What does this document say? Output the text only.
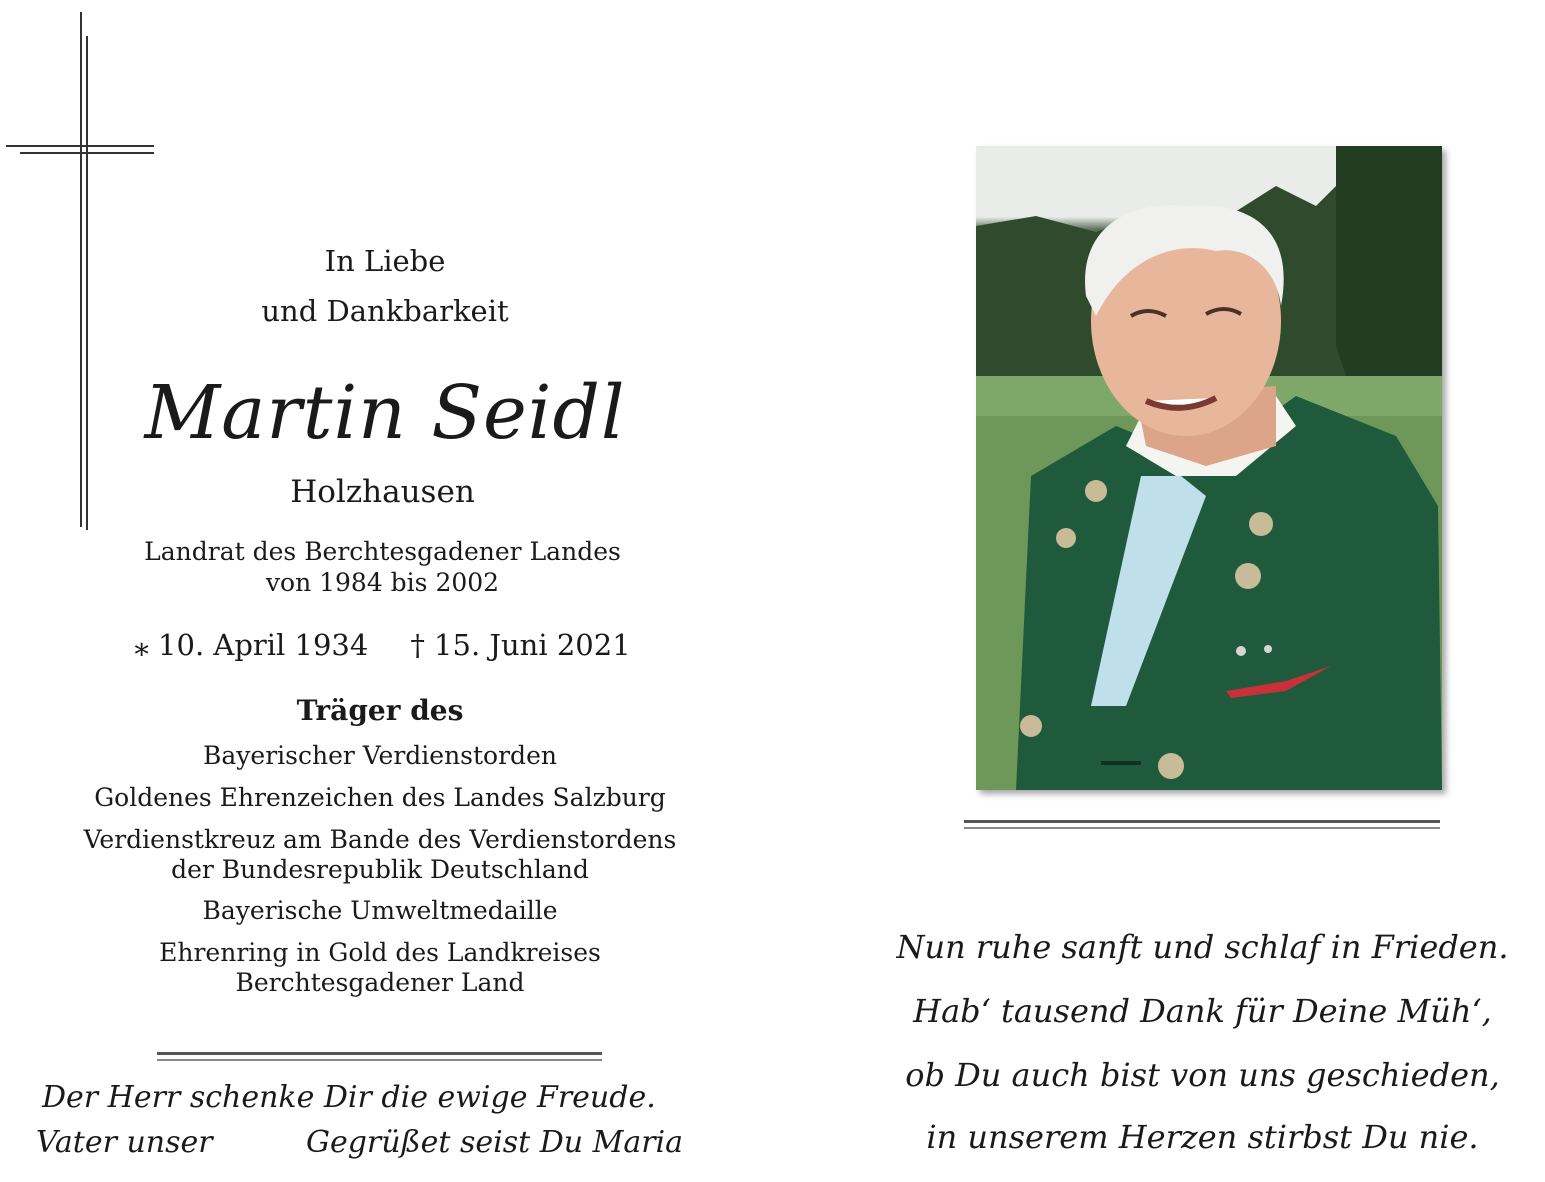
In Liebe
und Dankbarkeit
Martin Seidl
Holzhausen
Landrat des Berchtesgadener Landes
von 1984 bis 2002
⁎ 10. April 1934 † 15. Juni 2021
Träger des
Bayerischer Verdienstorden
Goldenes Ehrenzeichen des Landes Salzburg
Verdienstkreuz am Bande des Verdienstordens
der Bundesrepublik Deutschland
Bayerische Umweltmedaille
Ehrenring in Gold des Landkreises
Berchtesgadener Land
Der Herr schenke Dir die ewige Freude.
Vater unser	Gegrüßet seist Du Maria
Nun ruhe sanft und schlaf in Frieden.
Hab‘ tausend Dank für Deine Müh‘,
ob Du auch bist von uns geschieden,
in unserem Herzen stirbst Du nie.
